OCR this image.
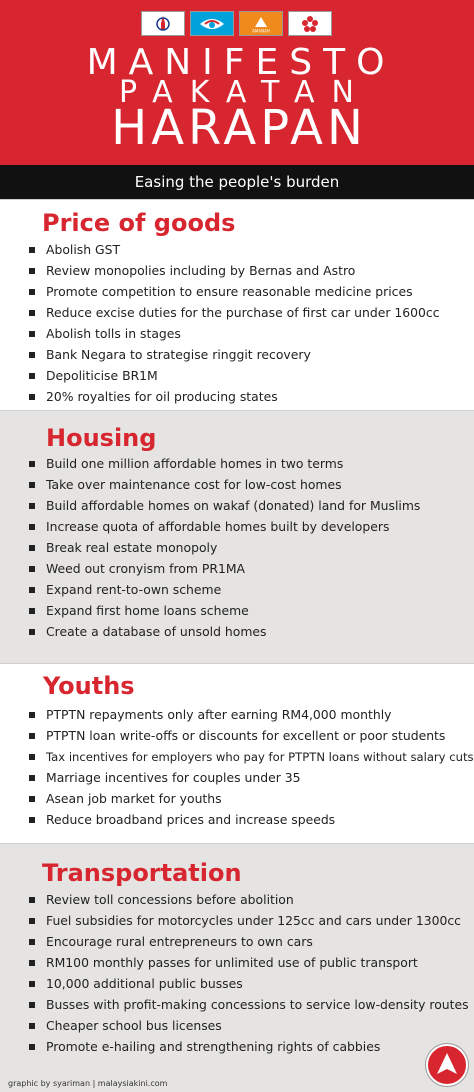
AMANAH
MANIFESTO
PAKATAN
HARAPAN
Easing the people's burden
Price of goods
Abolish GST
Review monopolies including by Bernas and Astro
Promote competition to ensure reasonable medicine prices
Reduce excise duties for the purchase of first car under 1600cc
Abolish tolls in stages
Bank Negara to strategise ringgit recovery
Depoliticise BR1M
20% royalties for oil producing states
Housing
Build one million affordable homes in two terms
Take over maintenance cost for low-cost homes
Build affordable homes on wakaf (donated) land for Muslims
Increase quota of affordable homes built by developers
Break real estate monopoly
Weed out cronyism from PR1MA
Expand rent-to-own scheme
Expand first home loans scheme
Create a database of unsold homes
Youths
PTPTN repayments only after earning RM4,000 monthly
PTPTN loan write-offs or discounts for excellent or poor students
Tax incentives for employers who pay for PTPTN loans without salary cuts
Marriage incentives for couples under 35
Asean job market for youths
Reduce broadband prices and increase speeds
Transportation
Review toll concessions before abolition
Fuel subsidies for motorcycles under 125cc and cars under 1300cc
Encourage rural entrepreneurs to own cars
RM100 monthly passes for unlimited use of public transport
10,000 additional public busses
Busses with profit-making concessions to service low-density routes
Cheaper school bus licenses
Promote e-hailing and strengthening rights of cabbies
graphic by syariman | malaysiakini.com
